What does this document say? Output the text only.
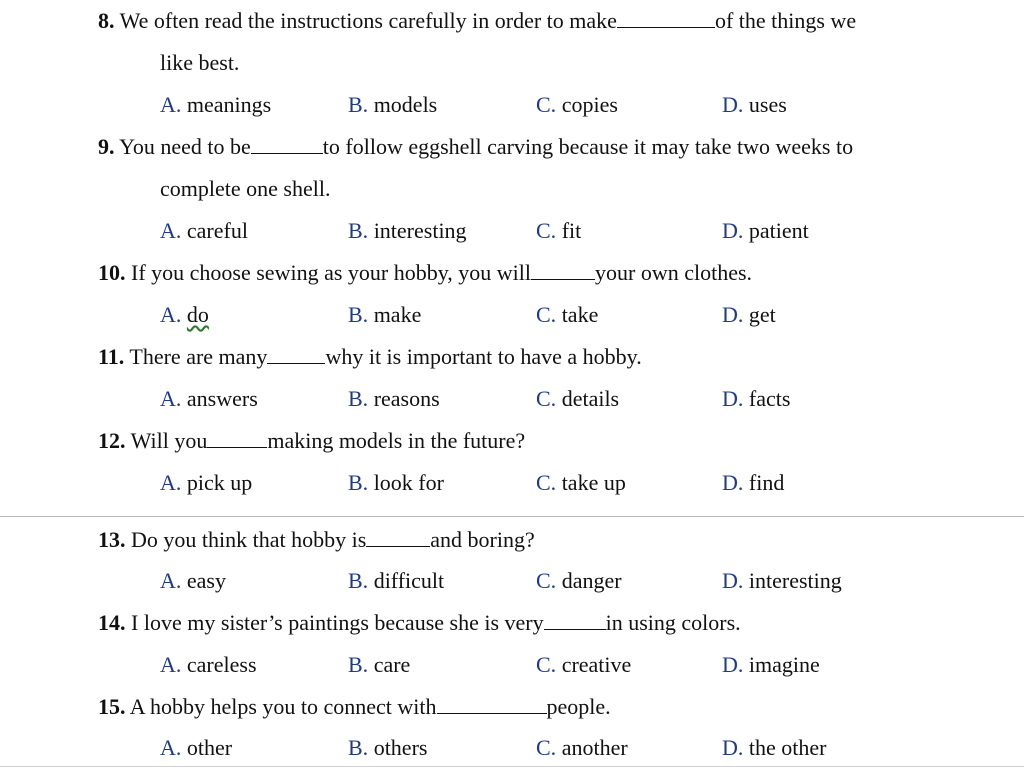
8. We often read the instructions carefully in order to make	of the things we
like best.
A. meanings	B. models	C. copies	D. uses
9. You need to be	to follow eggshell carving because it may take two weeks to
complete one shell.
A. careful	B. interesting	C. fit	D. patient
10. If you choose sewing as your hobby, you will	your own clothes.
A. do	B. make	C. take	D. get
11. There are many	why it is important to have a hobby.
A. answers	B. reasons	C. details	D. facts
12. Will you	making models in the future?
A. pick up	B. look for	C. take up	D. find
13. Do you think that hobby is	and boring?
A. easy	B. difficult	C. danger	D. interesting
14. I love my sister’s paintings because she is very	in using colors.
A. careless	B. care	C. creative	D. imagine
15. A hobby helps you to connect with	people.
A. other	B. others	C. another	D. the other
